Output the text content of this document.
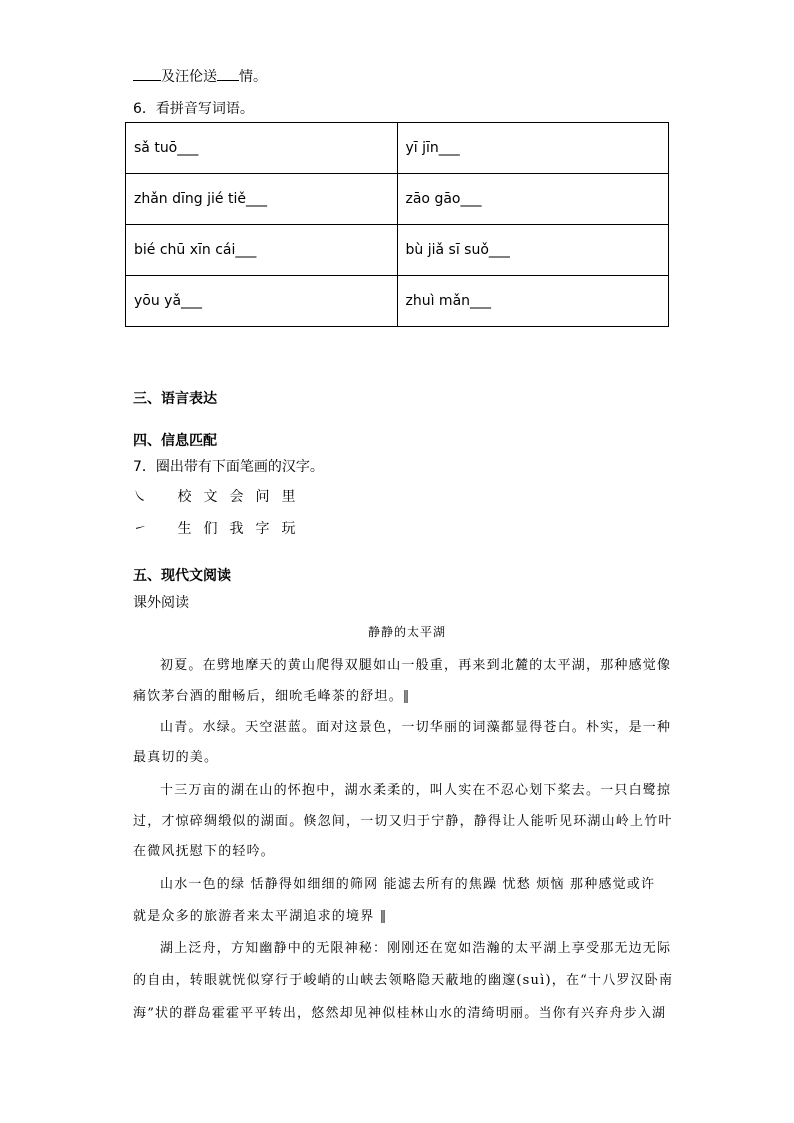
及汪伦送 情。
6．看拼音写词语。
sǎ tuō___	yī jīn___
zhǎn dīng jié tiě___	zāo gāo___
bié chū xīn cái___	bù jiǎ sī suǒ___
yōu yǎ___	zhuì mǎn___
三、语言表达
四、信息匹配
7．圈出带有下面笔画的汉字。
㇏ 校 文 会 问 里
㇀ 生 们 我 字 玩
五、现代文阅读
课外阅读
静静的太平湖
初夏。在劈地摩天的黄山爬得双腿如山一般重，再来到北麓的太平湖，那种感觉像
痛饮茅台酒的酣畅后，细吮毛峰茶的舒坦。‖
山青。水绿。天空湛蓝。面对这景色，一切华丽的词藻都显得苍白。朴实，是一种
最真切的美。
十三万亩的湖在山的怀抱中，湖水柔柔的，叫人实在不忍心划下桨去。一只白鹭掠
过，才惊碎绸缎似的湖面。倏忽间，一切又归于宁静，静得让人能听见环湖山岭上竹叶
在微风抚慰下的轻吟。
山水一色的绿 恬静得如细细的筛网 能滤去所有的焦躁 忧愁 烦恼 那种感觉或许
就是众多的旅游者来太平湖追求的境界 ‖
湖上泛舟，方知幽静中的无限神秘：刚刚还在宽如浩瀚的太平湖上享受那无边无际
的自由，转眼就恍似穿行于峻峭的山峡去领略隐天蔽地的幽邃(suì)，在“十八罗汉卧南
海”状的群岛霍霍平平转出，悠然却见神似桂林山水的清绮明丽。当你有兴弃舟步入湖
